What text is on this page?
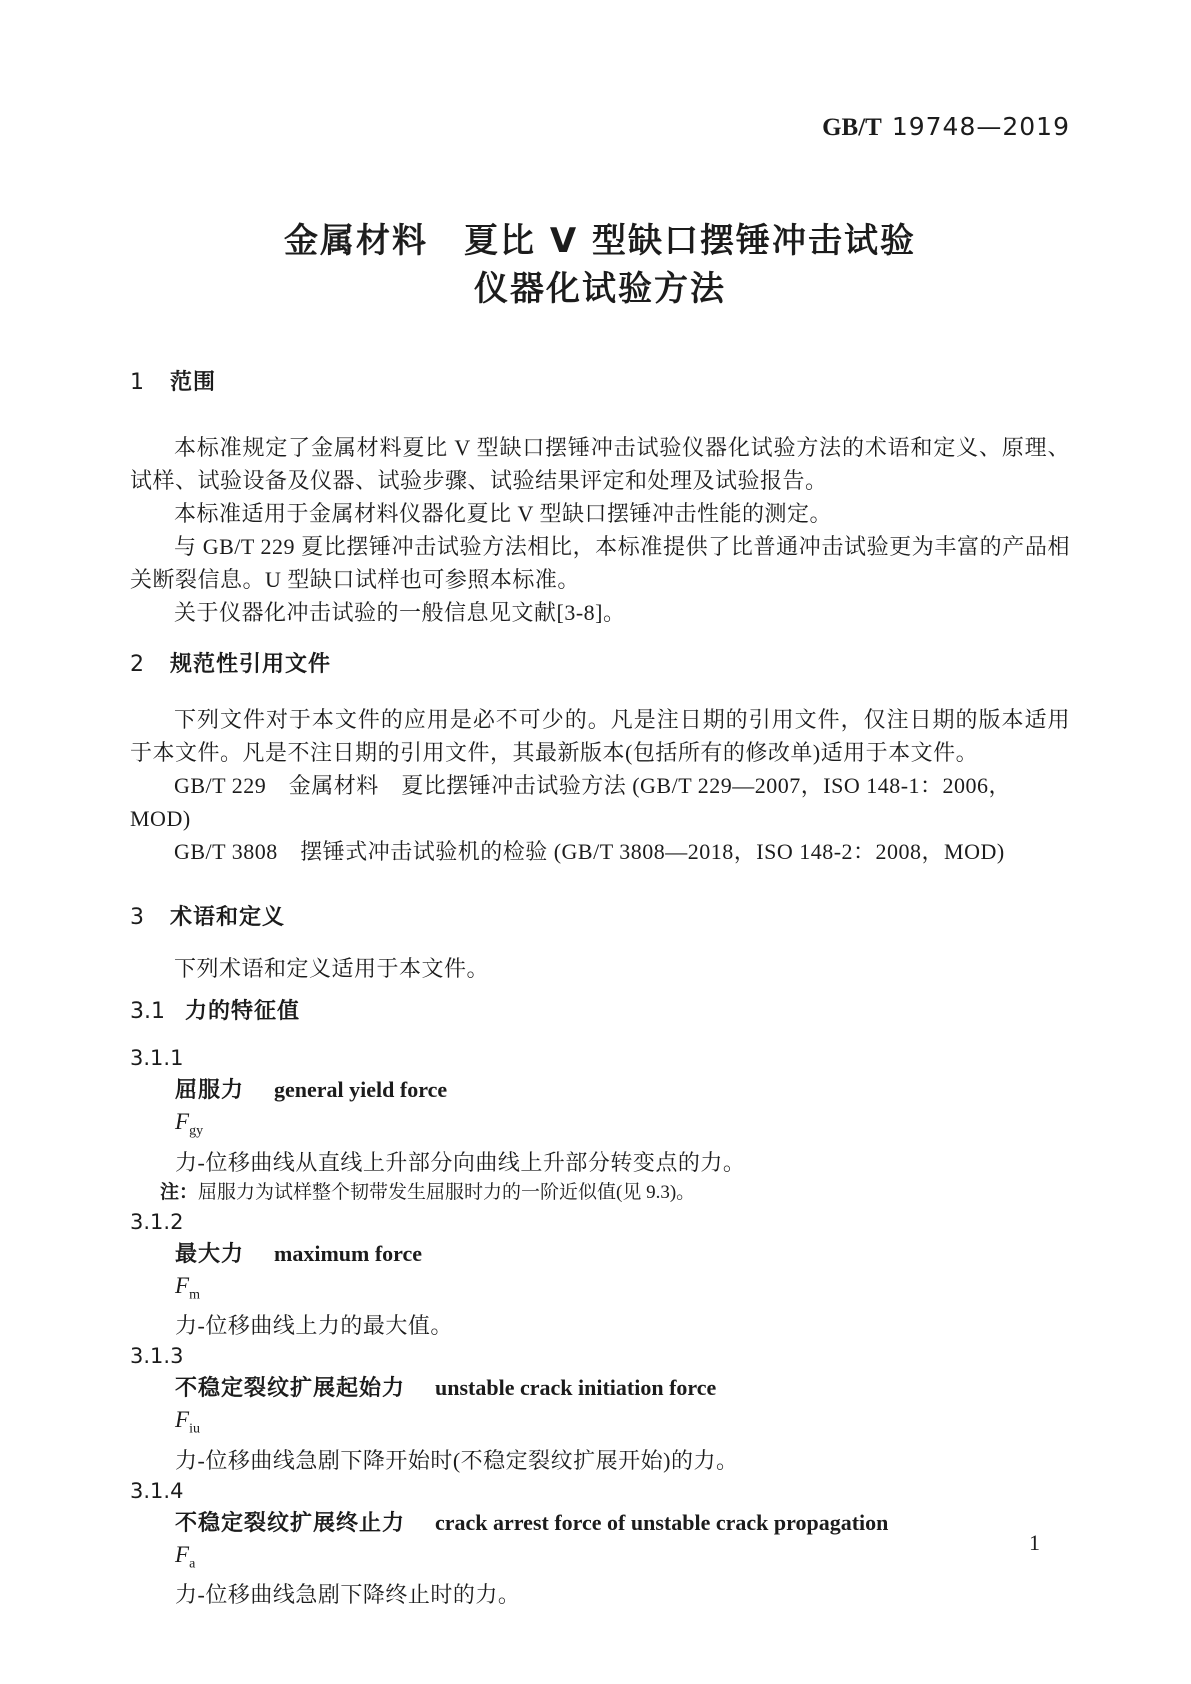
GB/T 19748—2019
金属材料　夏比 V 型缺口摆锤冲击试验
仪器化试验方法
1 范围
本标准规定了金属材料夏比 V 型缺口摆锤冲击试验仪器化试验方法的术语和定义、原理、试样、试验设备及仪器、试验步骤、试验结果评定和处理及试验报告。
本标准适用于金属材料仪器化夏比 V 型缺口摆锤冲击性能的测定。
与 GB/T 229 夏比摆锤冲击试验方法相比，本标准提供了比普通冲击试验更为丰富的产品相关断裂信息。U 型缺口试样也可参照本标准。
关于仪器化冲击试验的一般信息见文献[3-8]。
2 规范性引用文件
下列文件对于本文件的应用是必不可少的。凡是注日期的引用文件，仅注日期的版本适用于本文件。凡是不注日期的引用文件，其最新版本(包括所有的修改单)适用于本文件。
GB/T 229　金属材料　夏比摆锤冲击试验方法 (GB/T 229—2007，ISO 148-1：2006，MOD)
GB/T 3808　摆锤式冲击试验机的检验 (GB/T 3808—2018，ISO 148-2：2008，MOD)
3 术语和定义
下列术语和定义适用于本文件。
3.1 力的特征值
3.1.1
屈服力 general yield force
$F_{gy}$
力-位移曲线从直线上升部分向曲线上升部分转变点的力。
注：屈服力为试样整个韧带发生屈服时力的一阶近似值(见 9.3)。
3.1.2
最大力 maximum force
$F_m$
力-位移曲线上力的最大值。
3.1.3
不稳定裂纹扩展起始力 unstable crack initiation force
$F_{iu}$
力-位移曲线急剧下降开始时(不稳定裂纹扩展开始)的力。
3.1.4
不稳定裂纹扩展终止力 crack arrest force of unstable crack propagation
$F_a$
力-位移曲线急剧下降终止时的力。
1
